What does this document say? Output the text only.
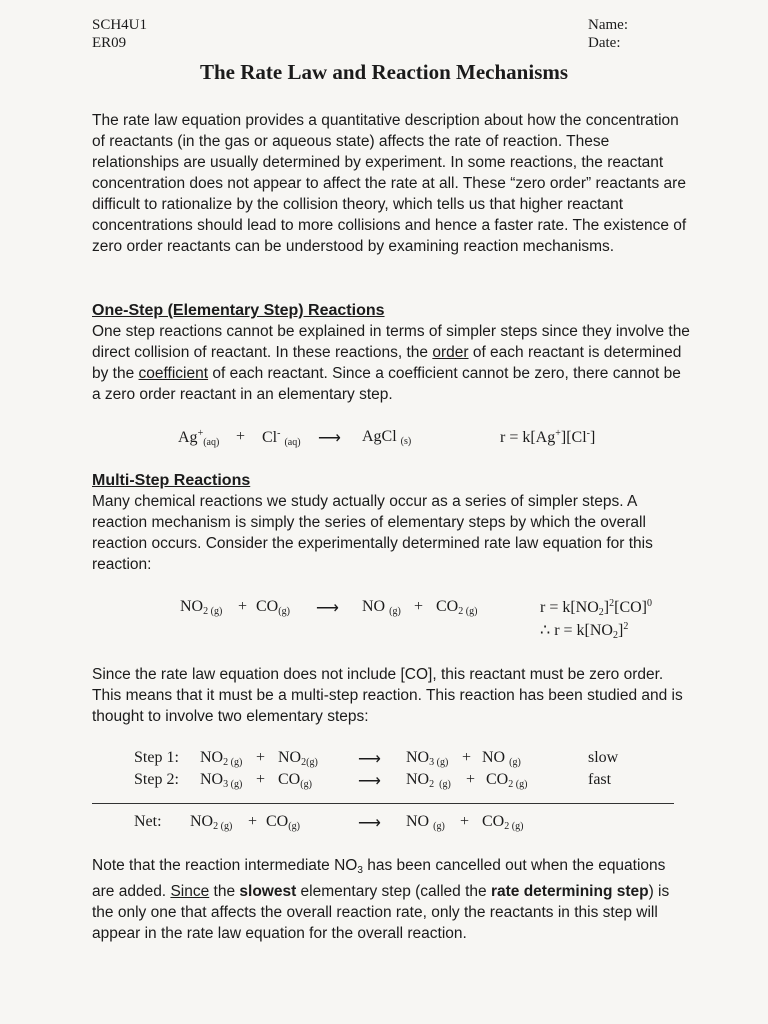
SCH4U1
ER09
Name:
Date:
The Rate Law and Reaction Mechanisms

The rate law equation provides a quantitative description about how the concentration of reactants (in the gas or aqueous state) affects the rate of reaction. These relationships are usually determined by experiment. In some reactions, the reactant concentration does not appear to affect the rate at all. These “zero order” reactants are difficult to rationalize by the collision theory, which tells us that higher reactant concentrations should lead to more collisions and hence a faster rate. The existence of zero order reactants can be understood by examining reaction mechanisms.

One-Step (Elementary Step) Reactions

One step reactions cannot be explained in terms of simpler steps since they involve the direct collision of reactant. In these reactions, the order of each reactant is determined by the coefficient of each reactant. Since a coefficient cannot be zero, there cannot be a zero order reactant in an elementary step.

$Ag^+_{(aq)} + Cl^-$ $_{(aq)}$ ⟶ AgCl $_{(s)}$	r = k[Ag+][Cl-]
Multi-Step Reactions

Many chemical reactions we study actually occur as a series of simpler steps. A reaction mechanism is simply the series of elementary steps by which the overall reaction occurs. Consider the experimentally determined rate law equation for this reaction:

$NO_{2 (g)} + CO_{(g)}$ ⟶ NO $_{(g)} + CO_{2 (g)}$	$r = k[NO_2]^2[CO]^0$
∴ $r = k[NO_2]^2$

Since the rate law equation does not include [CO], this reactant must be zero order. This means that it must be a multi-step reaction. This reaction has been studied and is thought to involve two elementary steps:

Step 1: $NO_{2 (g)} + NO_{2(g)}$	⟶ $NO_{3 (g)}$ + NO $_{(g)}$	slow
Step 2: $NO_{3 (g)} + CO_{(g)}$	⟶ $NO_{2 (g)} + CO_{2 (g)}$	fast
Net: $NO_{2 (g)} + CO_{(g)}$	⟶ NO $_{(g)} + CO_{2 (g)}$

Note that the reaction intermediate $NO_3$ has been cancelled out when the equations are added. Since the slowest elementary step (called the rate determining step) is the only one that affects the overall reaction rate, only the reactants in this step will appear in the rate law equation for the overall reaction.
